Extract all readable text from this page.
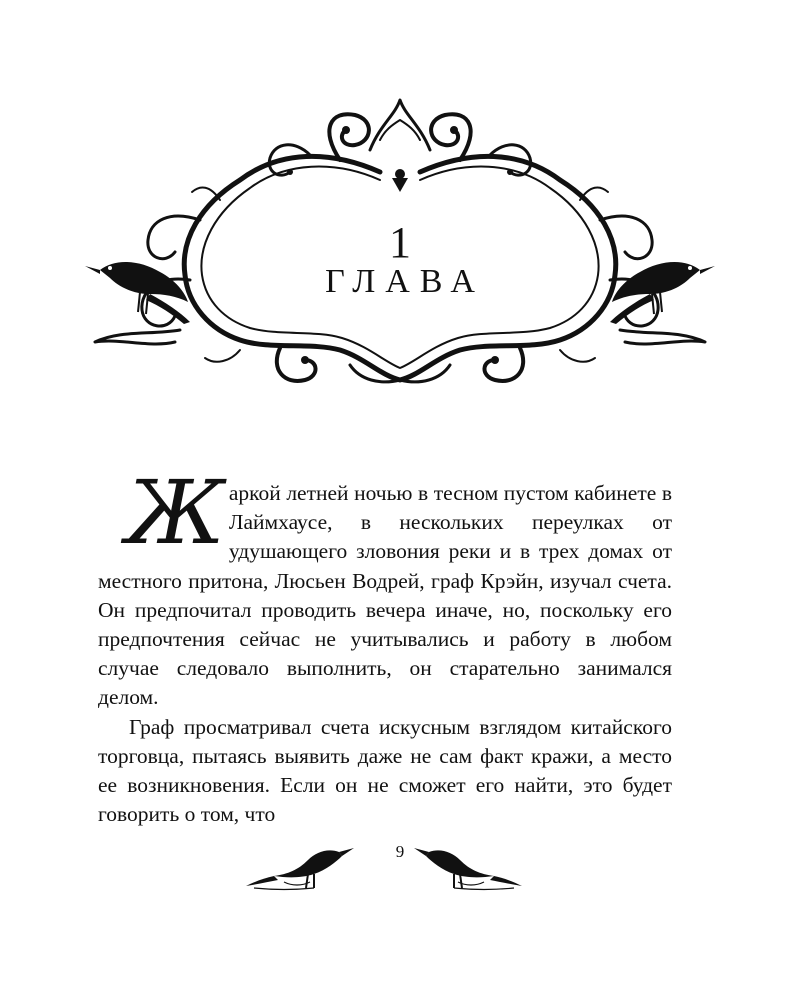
1
ГЛАВА

Жаркой летней ночью в тесном пустом кабинете в Лаймхаусе, в нескольких переулках от удушающего зловония реки и в трех домах от местного притона, Люсьен Водрей, граф Крэйн, изучал счета. Он предпочитал проводить вечера иначе, но, поскольку его предпочтения сейчас не учитывались и работу в любом случае следовало выполнить, он старательно занимался делом.

Граф просматривал счета искусным взглядом китайского торговца, пытаясь выявить даже не сам факт кражи, а место ее возникновения. Если он не сможет его найти, это будет говорить о том, что

9
